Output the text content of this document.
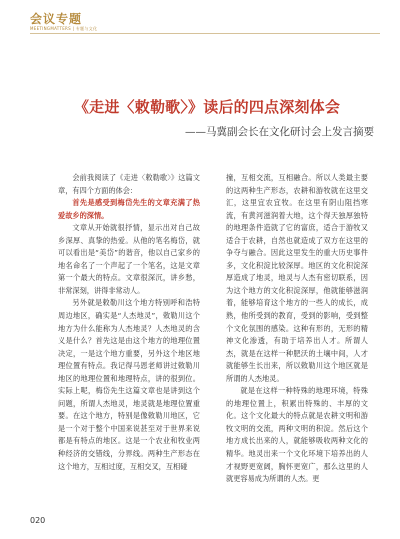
会议专题
MEETINGMATTERS | 专题与文化
《走进〈敕勒歌〉》读后的四点深刻体会
——马冀副会长在文化研讨会上发言摘要

会前我阅读了《走进〈敕勒歌〉》这篇文章，有四个方面的体会：

首先是感受到梅岱先生的文章充满了热爱故乡的深情。

文章从开始就很抒情，显示出对自己故乡深厚、真挚的热爱。从他的笔名梅岱，就可以看出是“美岱”的谐音，他以自己家乡的地名命名了一个声起了一个笔名，这是文章第一个最大的特点。文章很深沉，讲乡愁，非常深刻，讲得非常动人。

另外就是敕勒川这个地方特别呼和浩特周边地区，确实是“人杰地灵”，敕勒川这个地方为什么能称为人杰地灵？人杰地灵的含义是什么？首先这是由这个地方的地理位置决定，一是这个地方重要，另外这个地区地理位置有特点。我记得马恩老师讲过敕勒川地区的地理位置和地理特点，讲的很到位。实际上呢，梅岱先生这篇文章也是讲到这个问题，所谓人杰地灵，地灵就是地理位置重要。在这个地方，特别是像敕勒川地区，它是一个对于整个中国来说甚至对于世界来说都是有特点的地区。这是一个农业和牧业两种经济的交错线，分界线。两种生产形态在这个地方，互相过度，互相交叉，互相碰

撞，互相交流，互相融合。所以人类最主要的这两种生产形态，农耕和游牧就在这里交汇，这里宜农宜牧。在这里有阴山阻挡寒流，有黄河滋润着大地，这个得天独厚独特的地理条件造就了它的富庶，适合于游牧又适合于农耕，自然也就造成了双方在这里的争夺与融合。因此这里发生的重大历史事件多，文化积淀比较深厚。地区的文化积淀深厚造成了地灵，地灵与人杰有密切联系，因为这个地方的文化积淀深厚，他就能够滋润着，能够培育这个地方的一些人的成长，成熟，他所受到的教育，受到的影响，受到整个文化氛围的感染。这种有形的，无形的精神文化渗透，有助于培养出人才。所谓人杰，就是在这样一种肥沃的土壤中间，人才就能够生长出来，所以敕勒川这个地区就是所谓的人杰地灵。

就是在这样一种特殊的地理环境，特殊的地理位置上，积累出特殊的、丰厚的文化。这个文化最大的特点就是农耕文明和游牧文明的交流，两种文明的积淀。然后这个地方成长出来的人，就能够吸收两种文化的精华。地灵出来一个文化环境下培养出的人才视野更宽阔，胸怀更宽广，那么这里的人就更容易成为所谓的人杰。更

020
